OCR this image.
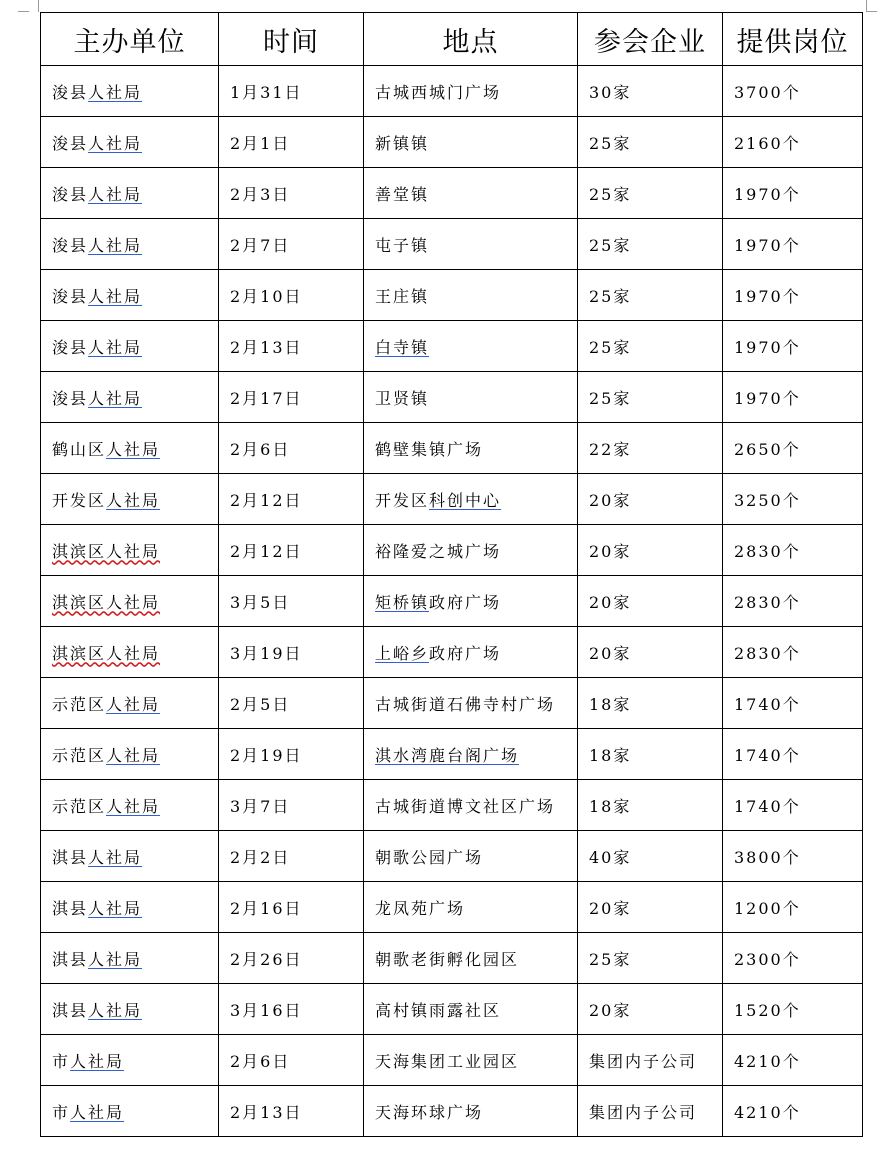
主办单位	时间	地点	参会企业	提供岗位
浚县人社局	1月31日	古城西城门广场	30家	3700个
浚县人社局	2月1日	新镇镇	25家	2160个
浚县人社局	2月3日	善堂镇	25家	1970个
浚县人社局	2月7日	屯子镇	25家	1970个
浚县人社局	2月10日	王庄镇	25家	1970个
浚县人社局	2月13日	白寺镇	25家	1970个
浚县人社局	2月17日	卫贤镇	25家	1970个
鹤山区人社局	2月6日	鹤壁集镇广场	22家	2650个
开发区人社局	2月12日	开发区科创中心	20家	3250个
淇滨区人社局	2月12日	裕隆爱之城广场	20家	2830个
淇滨区人社局	3月5日	矩桥镇政府广场	20家	2830个
淇滨区人社局	3月19日	上峪乡政府广场	20家	2830个
示范区人社局	2月5日	古城街道石佛寺村广场	18家	1740个
示范区人社局	2月19日	淇水湾鹿台阁广场	18家	1740个
示范区人社局	3月7日	古城街道博文社区广场	18家	1740个
淇县人社局	2月2日	朝歌公园广场	40家	3800个
淇县人社局	2月16日	龙凤苑广场	20家	1200个
淇县人社局	2月26日	朝歌老街孵化园区	25家	2300个
淇县人社局	3月16日	高村镇雨露社区	20家	1520个
市人社局	2月6日	天海集团工业园区	集团内子公司	4210个
市人社局	2月13日	天海环球广场	集团内子公司	4210个
